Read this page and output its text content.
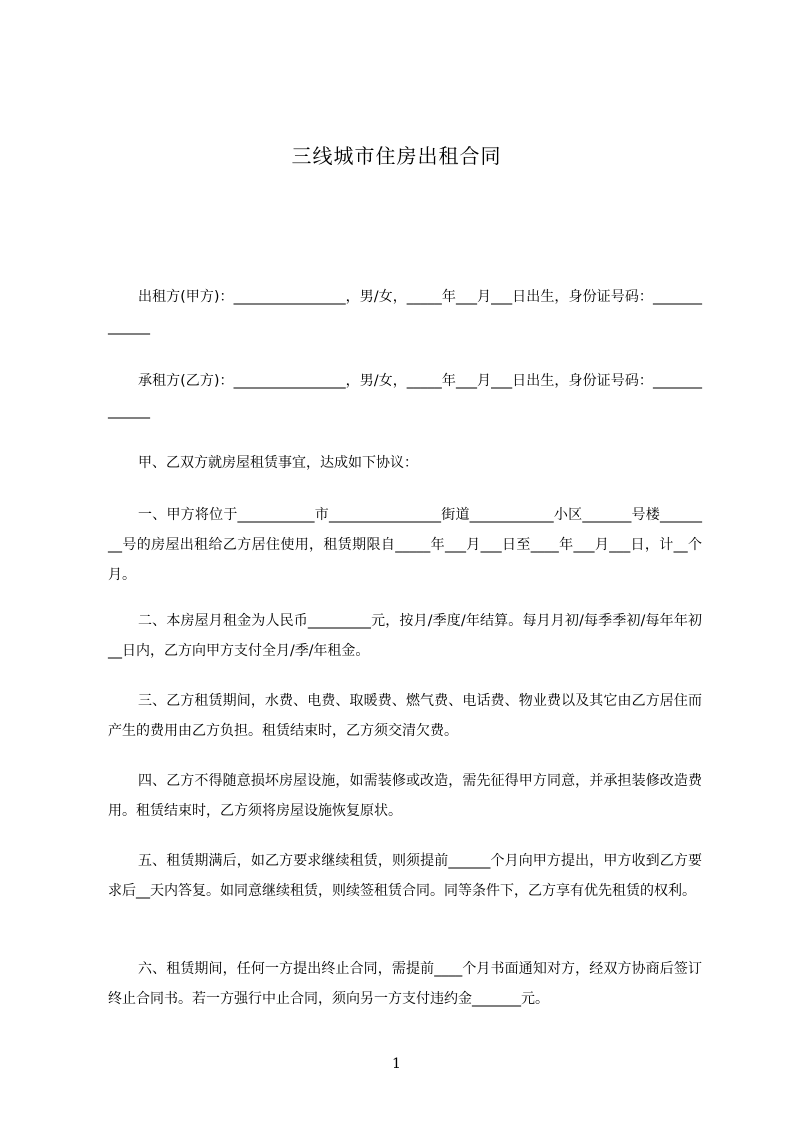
三线城市住房出租合同

出租方(甲方)：________________，男/女，_____年___月___日出生，身份证号码：_____________

承租方(乙方)：________________，男/女，_____年___月___日出生，身份证号码：_____________

甲、乙双方就房屋租赁事宜，达成如下协议：

一、甲方将位于___________市________________街道____________小区_______号楼________号的房屋出租给乙方居住使用，租赁期限自_____年___月___日至____年___月___日，计__个月。

二、本房屋月租金为人民币_________元，按月/季度/年结算。每月月初/每季季初/每年年初__日内，乙方向甲方支付全月/季/年租金。

三、乙方租赁期间，水费、电费、取暖费、燃气费、电话费、物业费以及其它由乙方居住而产生的费用由乙方负担。租赁结束时，乙方须交清欠费。

四、乙方不得随意损坏房屋设施，如需装修或改造，需先征得甲方同意，并承担装修改造费用。租赁结束时，乙方须将房屋设施恢复原状。

五、租赁期满后，如乙方要求继续租赁，则须提前______个月向甲方提出，甲方收到乙方要求后__天内答复。如同意继续租赁，则续签租赁合同。同等条件下，乙方享有优先租赁的权利。

六、租赁期间，任何一方提出终止合同，需提前____个月书面通知对方，经双方协商后签订终止合同书。若一方强行中止合同，须向另一方支付违约金_______元。

1
